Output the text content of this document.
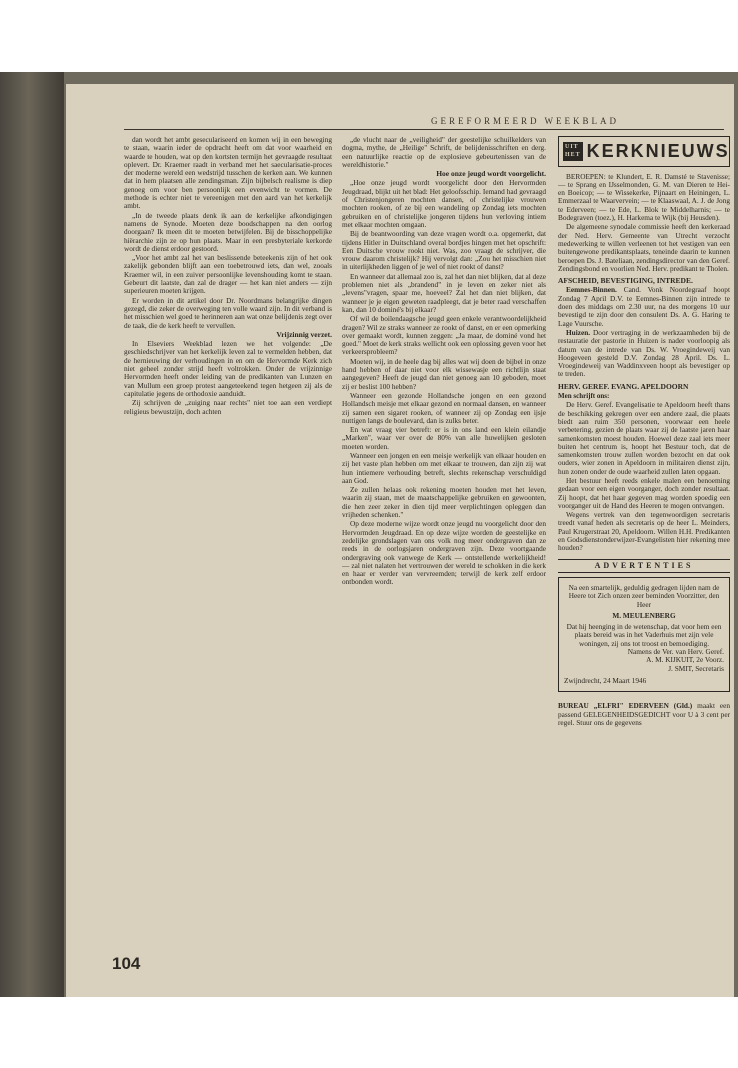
GEREFORMEERD WEEKBLAD

dan wordt het ambt geseculariseerd en komen wij in een beweging te staan, waarin ieder de opdracht heeft om dat voor waarheid en waarde te houden, wat op den kortsten termijn het gevraagde resultaat oplevert. Dr. Kraemer raadt in verband met het saecularisatie-proces der moderne wereld een wedstrijd tusschen de kerken aan. We kunnen dat in hem plaatsen alle zendingsman. Zijn bijbelsch realisme is diep genoeg om voor ben persoonlijk een evenwicht te vormen. De methode is echter niet te vereenigen met den aard van het kerkelijk ambt.

„In de tweede plaats denk ik aan de kerkelijke afkondigingen namens de Synode. Moeten deze boodschappen na den oorlog doorgaan? Ik meen dit te moeten betwijfelen. Bij de bisschoppelijke hiërarchie zijn ze op hun plaats. Maar in een presbyteriale kerkorde wordt de dienst erdoor gestoord.

„Voor het ambt zal het van beslissende beteekenis zijn of het ook zakelijk gebonden blijft aan een toebetrouwd iets, dan wel, zooals Kraemer wil, in een zuiver persoonlijke levenshouding komt te staan. Gebeurt dit laatste, dan zal de drager — het kan niet anders — zijn superieuren moeten krijgen.

Er worden in dit artikel door Dr. Noordmans belangrijke dingen gezegd, die zeker de overweging ten volle waard zijn. In dit verband is het misschien wel goed te herinneren aan wat onze belijdenis zegt over de taak, die de kerk heeft te vervullen.

Vrijzinnig verzet.

In Elseviers Weekblad lezen we het volgende: „De geschiedschrijver van het kerkelijk leven zal te vermelden hebben, dat de hernieuwing der verhoudingen in en om de Hervormde Kerk zich niet geheel zonder strijd heeft voltrokken. Onder de vrijzinnige Hervormden heeft onder leiding van de predikanten van Lunzen en van Mullum een groep protest aangeteekend tegen hetgeen zij als de capitulatie jegens de orthodoxie aanduidt.

Zij schrijven de „zuiging naar rechts" niet toe aan een verdiept religieus bewustzijn, doch achten

„de vlucht naar de „veiligheid" der geestelijke schuilkelders van dogma, mythe, de „Heilige" Schrift, de belijdenisschriften en derg. een natuurlijke reactie op de explosieve gebeurtenissen van de wereldhistorie."

Hoe onze jeugd wordt voorgelicht.

„Hoe onze jeugd wordt voorgelicht door den Hervormden Jeugdraad, blijkt uit het blad: Het geloofsschip. Iemand had gevraagd of Christenjongeren mochten dansen, of christelijke vrouwen mochten rooken, of ze bij een wandeling op Zondag iets mochten gebruiken en of christelijke jongeren tijdens hun verloving intiem met elkaar mochten omgaan.

Bij de beantwoording van deze vragen wordt o.a. opgemerkt, dat tijdens Hitler in Duitschland overal bordjes hingen met het opschrift: Een Duitsche vrouw rookt niet. Was, zoo vraagt de schrijver, die vrouw daarom christelijk? Hij vervolgt dan: „Zou het misschien niet in uiterlijkheden liggen of je wel of niet rookt of danst?

En wanneer dat allemaal zoo is, zal het dan niet blijken, dat al deze problemen niet als „brandend" in je leven en zeker niet als „levens"vragen, spaar me, hoeveel? Zal het dan niet blijken, dat wanneer je je eigen geweten raadpleegt, dat je beter raad verschaffen kan, dan 10 dominé's bij elkaar?

Of wil de boilendaagsche jeugd geen enkele verantwoordelijkheid dragen? Wil ze straks wanneer ze rookt of danst, en er een opmerking over gemaakt wordt, kunnen zeggen: „Ja maar, de dominé vond het goed." Moet de kerk straks wellicht ook een oplossing geven voor het verkeersprobleem?

Moeten wij, in de heele dag bij alles wat wij doen de bijbel in onze hand hebben of daar niet voor elk wissewasje een richtlijn staat aangegeven? Heeft de jeugd dan niet genoeg aan 10 geboden, moet zij er beslist 100 hebben?

Wanneer een gezonde Hollandsche jongen en een gezond Hollandsch meisje met elkaar gezond en normaal dansen, en wanneer zij samen een sigaret rooken, of wanneer zij op Zondag een ijsje nuttigen langs de boulevard, dan is zulks beter.

En wat vraag vier betreft: er is in ons land een klein eilandje „Marken", waar ver over de 80% van alle huwelijken gesloten moeten worden.

Wanneer een jongen en een meisje werkelijk van elkaar houden en zij het vaste plan hebben om met elkaar te trouwen, dan zijn zij wat hun intiemere verhouding betreft, slechts rekenschap verschuldigd aan God.

Ze zullen helaas ook rekening moeten houden met het leven, waarin zij staan, met de maatschappelijke gebruiken en gewoonten, die hen zeer zeker in dien tijd meer verplichtingen opleggen dan vrijheden schenken."

Op deze moderne wijze wordt onze jeugd nu voorgelicht door den Hervormden Jeugdraad. En op deze wijze worden de geestelijke en zedelijke grondslagen van ons volk nog meer ondergraven dan ze reeds in de oorlogsjaren ondergraven zijn. Deze voortgaande ondergraving ook vanwege de Kerk — ontstellende werkelijkheid! — zal niet nalaten het vertrouwen der wereld te schokken in die kerk en haar er verder van vervreemden; terwijl de kerk zelf erdoor ontbonden wordt.

UIT HET KERKNIEUWS

BEROEPEN: te Klundert, E. R. Damsté te Stavenisse; — te Sprang en IJsselmonden, G. M. van Dieren te Hei- en Boeicop; — te Wissekerke, Pijnaart en Heiningen, L. Emmerzaal te Waarvervein; — te Klaaswaal, A. J. de Jong te Ederveen; — te Ede, L. Blok te Middelharnis; — te Bodegraven (toez.), H. Harkema te Wijk (bij Heusden).

De algemeene synodale commissie heeft den kerkeraad der Ned. Herv. Gemeente van Utrecht verzocht medewerking te willen verleenen tot het vestigen van een buitengewone predikantsplaats, teneinde daarin te kunnen beroepen Ds. J. Bateliaan, zendingsdirector van den Geref. Zendingsbond en voorlien Ned. Herv. predikant te Tholen.

AFSCHEID, BEVESTIGING, INTREDE.

Eemnes-Binnen. Cand. Vonk Noordegraaf hoopt Zondag 7 April D.V. te Eemnes-Binnen zijn intrede te doen des middags om 2.30 uur, na des morgens 10 uur bevestigd te zijn door den consulent Ds. A. G. Haring te Lage Vuursche.

Huizen. Door vertraging in de werkzaamheden bij de restauratie der pastorie in Huizen is nader voorloopig als datum van de intrede van Ds. W. Vroegindeweij van Hoogeveen gesteld D.V. Zondag 28 April. Ds. L. Vroegindeweij van Waddinxveen hoopt als bevestiger op te treden.

HERV. GEREF. EVANG. APELDOORN
Men schrijft ons:

De Herv. Geref. Evangelisatie te Apeldoorn heeft thans de beschikking gekregen over een andere zaal, die plaats biedt aan ruim 350 personen, voorwaar een heele verbetering, gezien de plaats waar zij de laatste jaren haar samenkomsten moest houden. Hoewel deze zaal iets meer buiten het centrum is, hoopt het Bestuur toch, dat de samenkomsten trouw zullen worden bezocht en dat ook ouders, wier zonen in Apeldoorn in militairen dienst zijn, hun zonen onder de oude waarheid zullen laten opgaan.

Het bestuur heeft reeds enkele malen een benoeming gedaan voor een eigen voorganger, doch zonder resultaat. Zij hoopt, dat het haar gegeven mag worden spoedig een voorganger uit de Hand des Heeren te mogen ontvangen.

Wegens vertrek van den tegenwoordigen secretaris treedt vanaf heden als secretaris op de heer L. Meinders, Paul Krugerstraat 20, Apeldoorn. Willen H.H. Predikanten en Godsdienstonderwijzer-Evangelisten hier rekening mee houden?

ADVERTENTIES
Na een smartelijk, geduldig gedragen lijden nam de Heere tot Zich onzen zeer beminden Voorzitter, den Heer
M. MEULENBERG
Dat hij heenging in de wetenschap, dat voor hem een plaats bereid was in het Vaderhuis met zijn vele woningen, zij ons tot troost en bemoediging.
Namens de Ver. van Herv. Geref.
A. M. KIJKUIT, 2e Voorz.
J. SMIT, Secretaris
Zwijndrecht, 24 Maart 1946
BUREAU „ELFRI" EDERVEEN (Gld.) maakt een passend GELEGENHEIDSGEDICHT voor U à 3 cent per regel. Stuur ons de gegevens
104
